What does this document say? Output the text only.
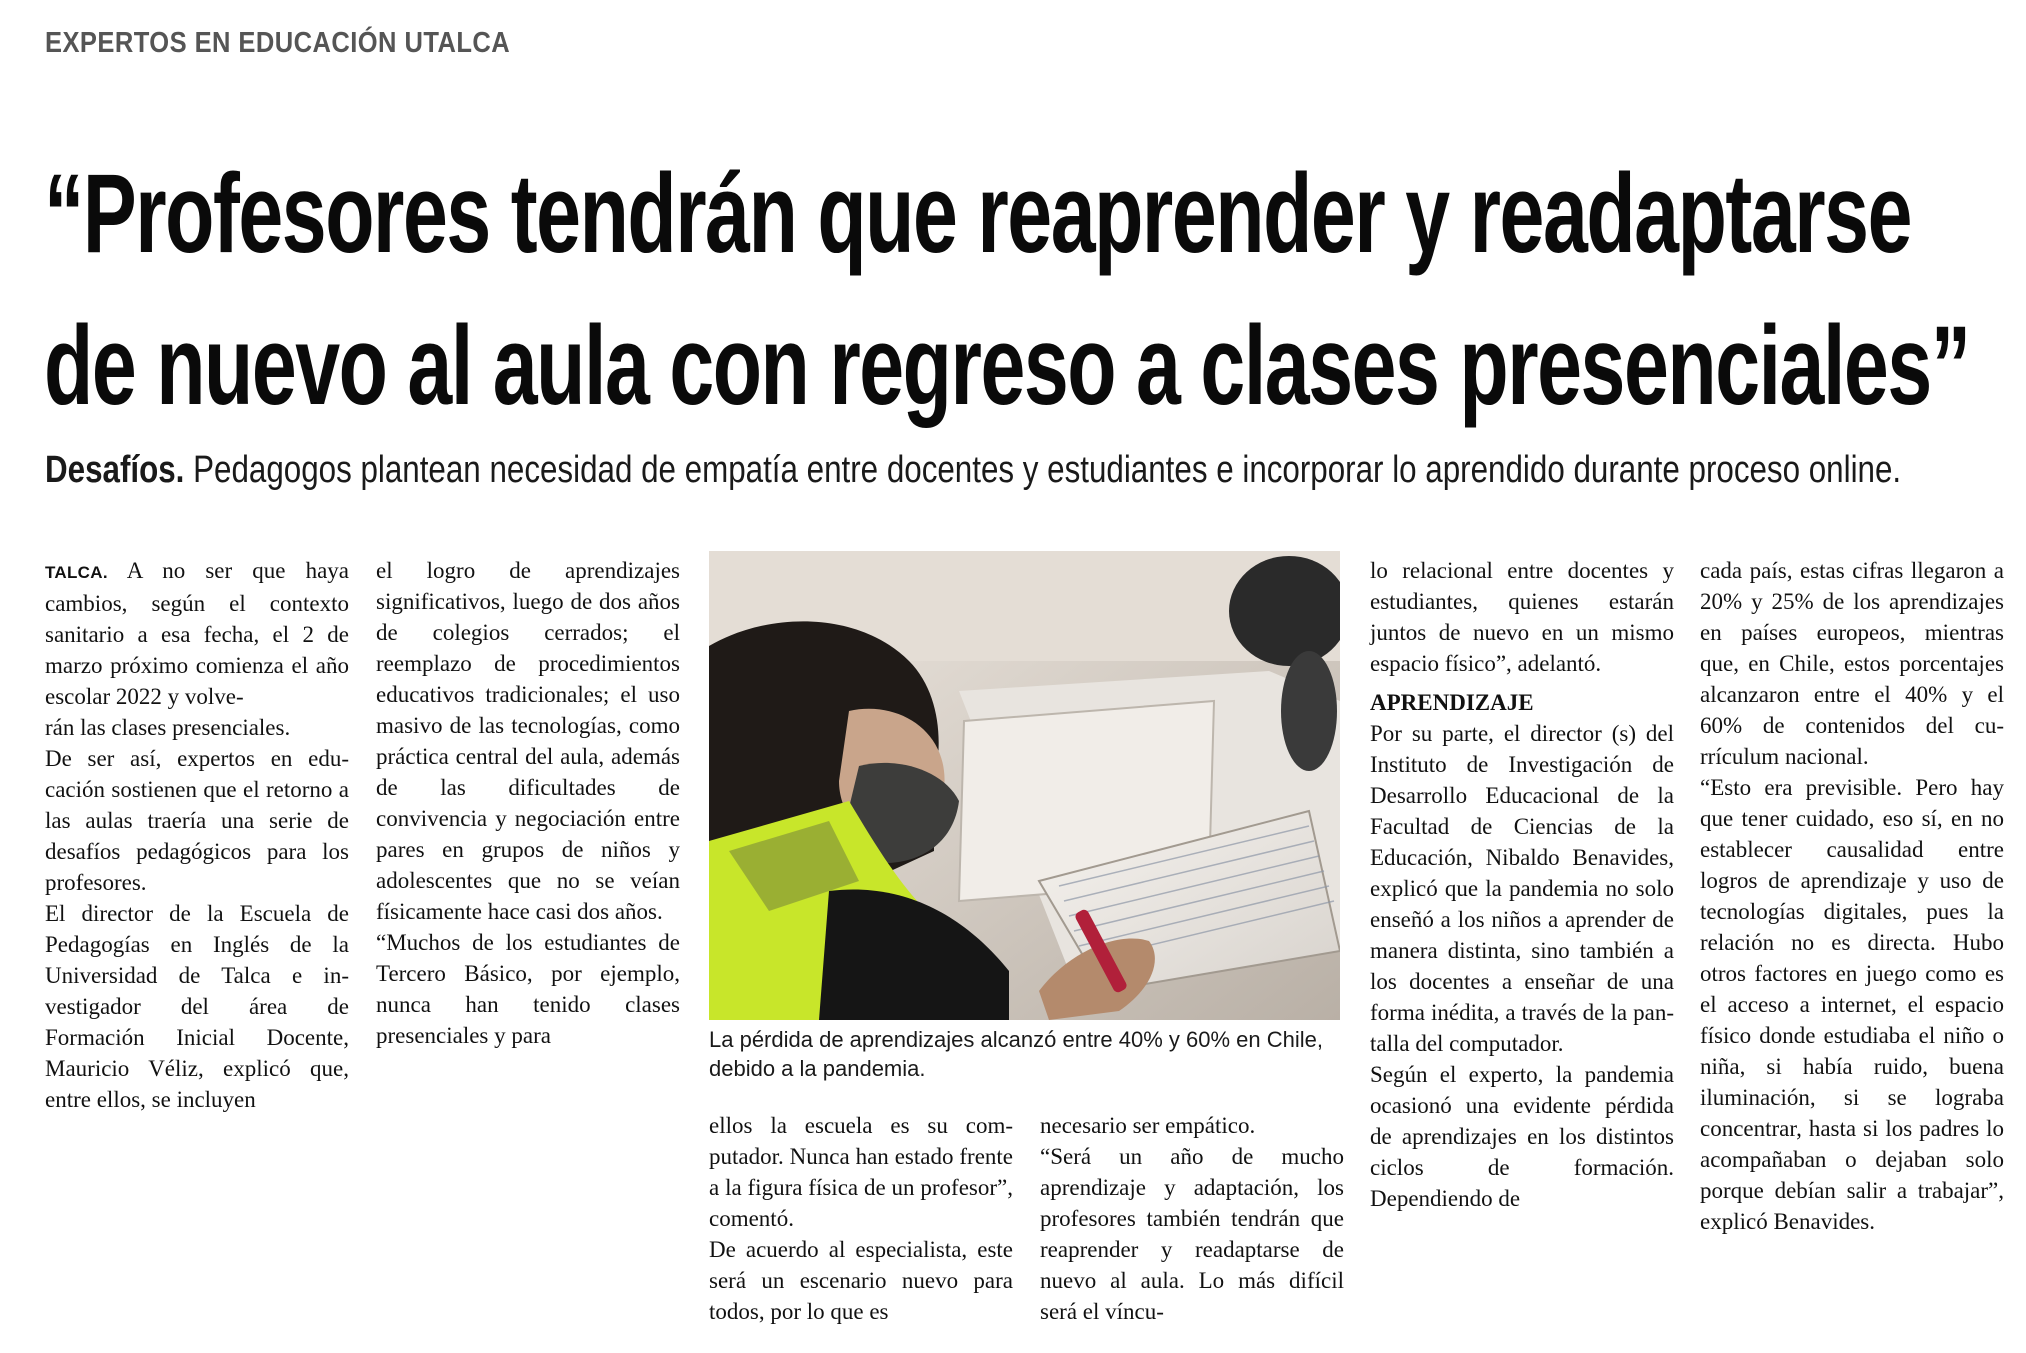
EXPERTOS EN EDUCACIÓN UTALCA
“Profesores tendrán que reaprender y readaptarse
de nuevo al aula con regreso a clases presenciales”
Desafíos. Pedagogos plantean necesidad de empatía entre docentes y estudiantes e incorporar lo aprendido durante proceso online.

TALCA. A no ser que haya cambios, según el contexto sanitario a esa fecha, el 2 de marzo próximo comienza el año escolar 2022 y volve-

rán las clases presenciales.

De ser así, expertos en educación sostienen que el retorno a las aulas traería una serie de desafíos pedagógicos para los profesores.

El director de la Escuela de Pedagogías en Inglés de la Universidad de Talca e investigador del área de Formación Inicial Docente, Mauricio Véliz, explicó que, entre ellos, se incluyen

el logro de aprendizajes significativos, luego de dos años de colegios cerrados; el reemplazo de procedimientos educativos tradicionales; el uso masivo de las tecnologías, como práctica central del aula, además de las dificultades de convivencia y negociación entre pares en grupos de niños y adolescentes que no se veían físicamente hace casi dos años.

“Muchos de los estudiantes de Tercero Básico, por ejemplo, nunca han tenido clases presenciales y para	La pérdida de aprendizajes alcanzó entre 40% y 60% en Chile, debido a la pandemia.

ellos la escuela es su computador. Nunca han estado frente a la figura física de un profesor”, comentó.

De acuerdo al especialista, este será un escenario nuevo para todos, por lo que es

necesario ser empático.

“Será un año de mucho aprendizaje y adaptación, los profesores también tendrán que reaprender y readaptarse de nuevo al aula. Lo más difícil será el víncu-

lo relacional entre docentes y estudiantes, quienes estarán juntos de nuevo en un mismo espacio físico”, adelantó.

APRENDIZAJE

Por su parte, el director (s) del Instituto de Investigación de Desarrollo Educacional de la Facultad de Ciencias de la Educación, Nibaldo Benavides, explicó que la pandemia no solo enseñó a los niños a aprender de manera distinta, sino también a los docentes a enseñar de una forma inédita, a través de la pantalla del computador.

Según el experto, la pandemia ocasionó una evidente pérdida de aprendizajes en los distintos ciclos de formación. Dependiendo de

cada país, estas cifras llegaron a 20% y 25% de los aprendizajes en países europeos, mientras que, en Chile, estos porcentajes alcanzaron entre el 40% y el 60% de contenidos del currículum nacional.

“Esto era previsible. Pero hay que tener cuidado, eso sí, en no establecer causalidad entre logros de aprendizaje y uso de tecnologías digitales, pues la relación no es directa. Hubo otros factores en juego como es el acceso a internet, el espacio físico donde estudiaba el niño o niña, si había ruido, buena iluminación, si se lograba concentrar, hasta si los padres lo acompañaban o dejaban solo porque debían salir a trabajar”, explicó Benavides.
